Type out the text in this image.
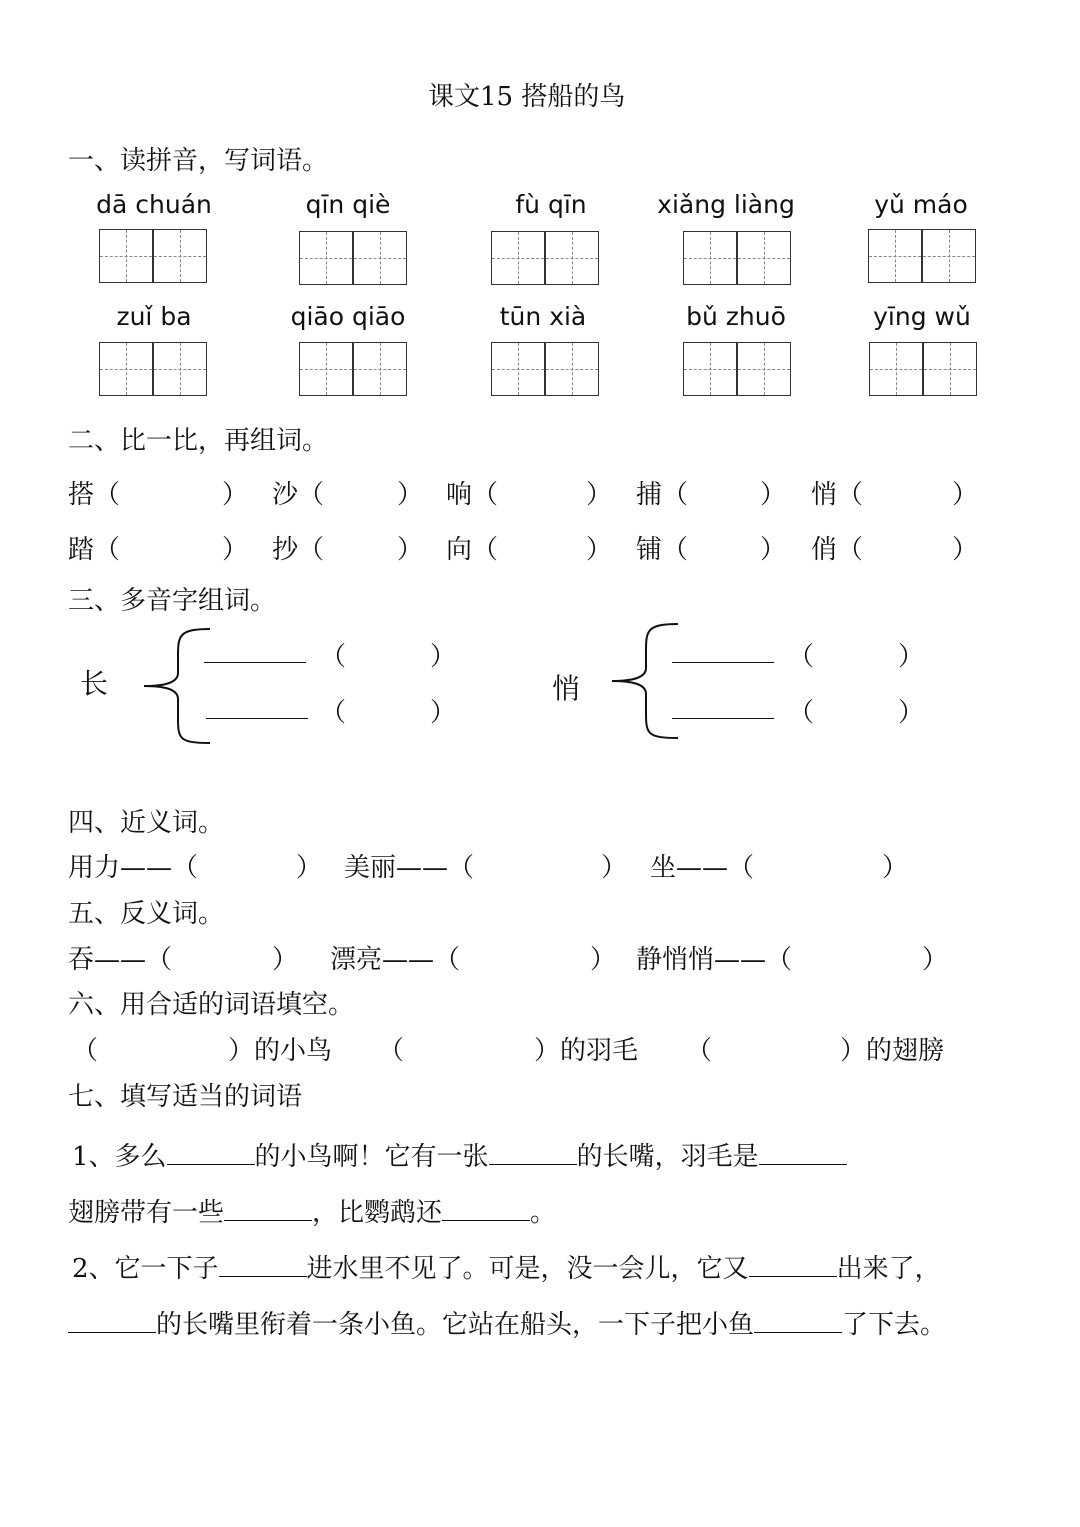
课文15 搭船的鸟
一、读拼音，写词语。
dā chuán	qīn qiè	fù qīn	xiǎng liàng	yǔ máo
zuǐ ba	qiāo qiāo	tūn xià	bǔ zhuō	yīng wǔ
二、比一比，再组词。
搭（	） 沙（	） 响（	） 捕（	） 悄（	）
踏（	） 抄（	） 向（	） 铺（	） 俏（	）
三、多音字组词。
长
（	）
（	）
悄
（	）
（	）
四、近义词。
用力——（	） 美丽——（	） 坐——（	）
五、反义词。
吞——（	） 漂亮——（	） 静悄悄——（	）
六、用合适的词语填空。
（	）的小鸟 （	）的羽毛 （	）的翅膀
七、填写适当的词语
1、多么	的小鸟啊！它有一张	的长嘴，羽毛是
翅膀带有一些	，比鹦鹉还	。
2、它一下子	进水里不见了。可是，没一会儿，它又	出来了，
的长嘴里衔着一条小鱼。它站在船头，一下子把小鱼	了下去。
